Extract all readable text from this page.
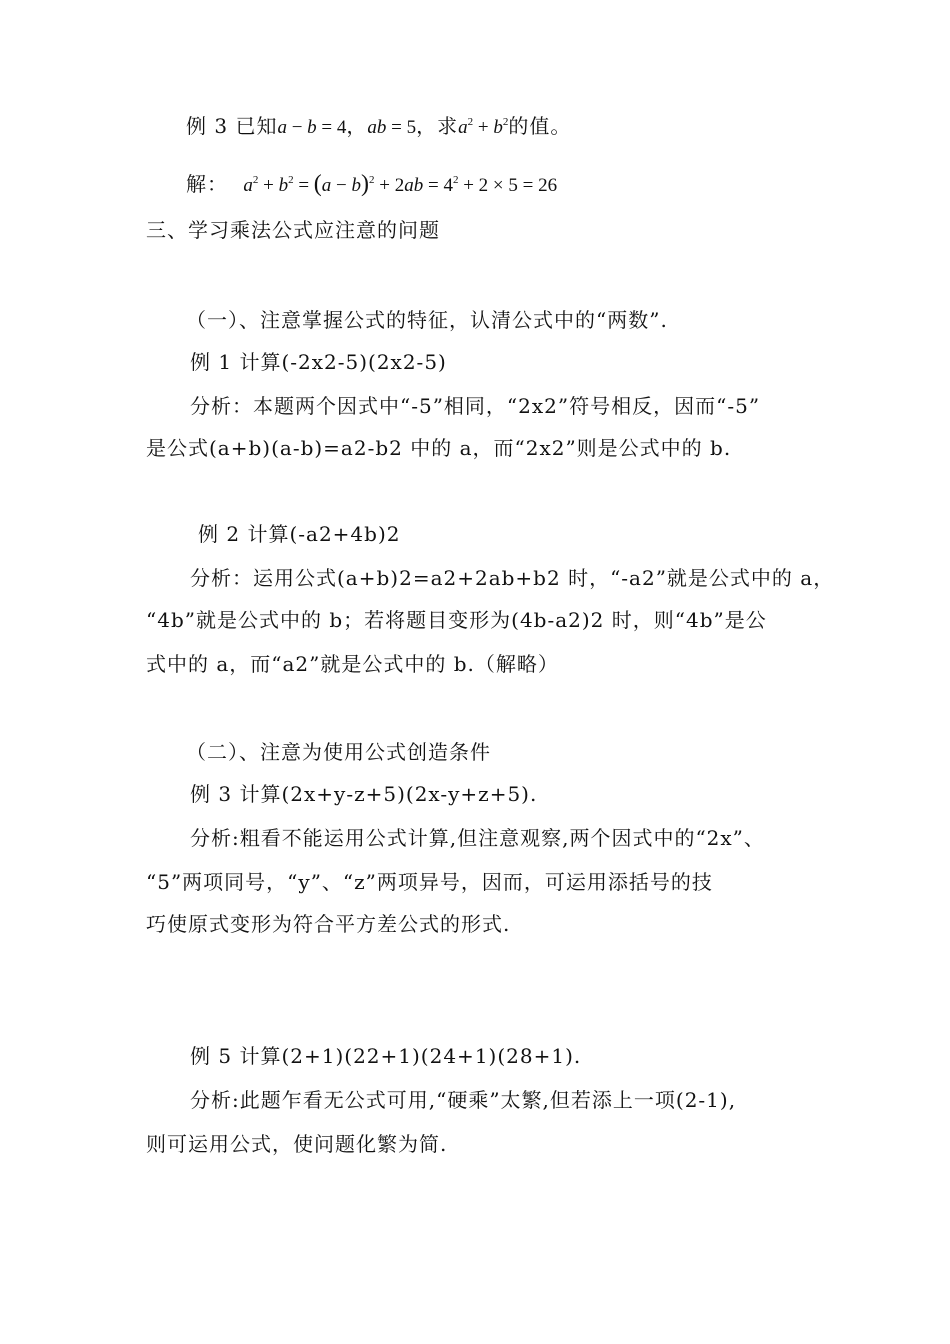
例 3 已知a − b = 4，ab = 5，求$a^2 + b^2$的值。
解： $a^2 + b^2 = (a - b)^2 + 2ab = 4^2 + 2 \times 5 = 26$
三、学习乘法公式应注意的问题
（一）、注意掌握公式的特征，认清公式中的“两数”.
例 1 计算(-2x2-5)(2x2-5)
分析：本题两个因式中“-5”相同，“2x2”符号相反，因而“-5”
是公式(a+b)(a-b)=a2-b2 中的 a，而“2x2”则是公式中的 b.
例 2 计算(-a2+4b)2
分析：运用公式(a+b)2=a2+2ab+b2 时，“-a2”就是公式中的 a，
“4b”就是公式中的 b；若将题目变形为(4b-a2)2 时，则“4b”是公
式中的 a，而“a2”就是公式中的 b.（解略）
（二）、注意为使用公式创造条件
例 3 计算(2x+y-z+5)(2x-y+z+5).
分析:粗看不能运用公式计算,但注意观察,两个因式中的“2x”、
“5”两项同号，“y”、“z”两项异号，因而，可运用添括号的技
巧使原式变形为符合平方差公式的形式.
例 5 计算(2+1)(22+1)(24+1)(28+1).
分析:此题乍看无公式可用,“硬乘”太繁,但若添上一项(2-1),
则可运用公式，使问题化繁为简.
